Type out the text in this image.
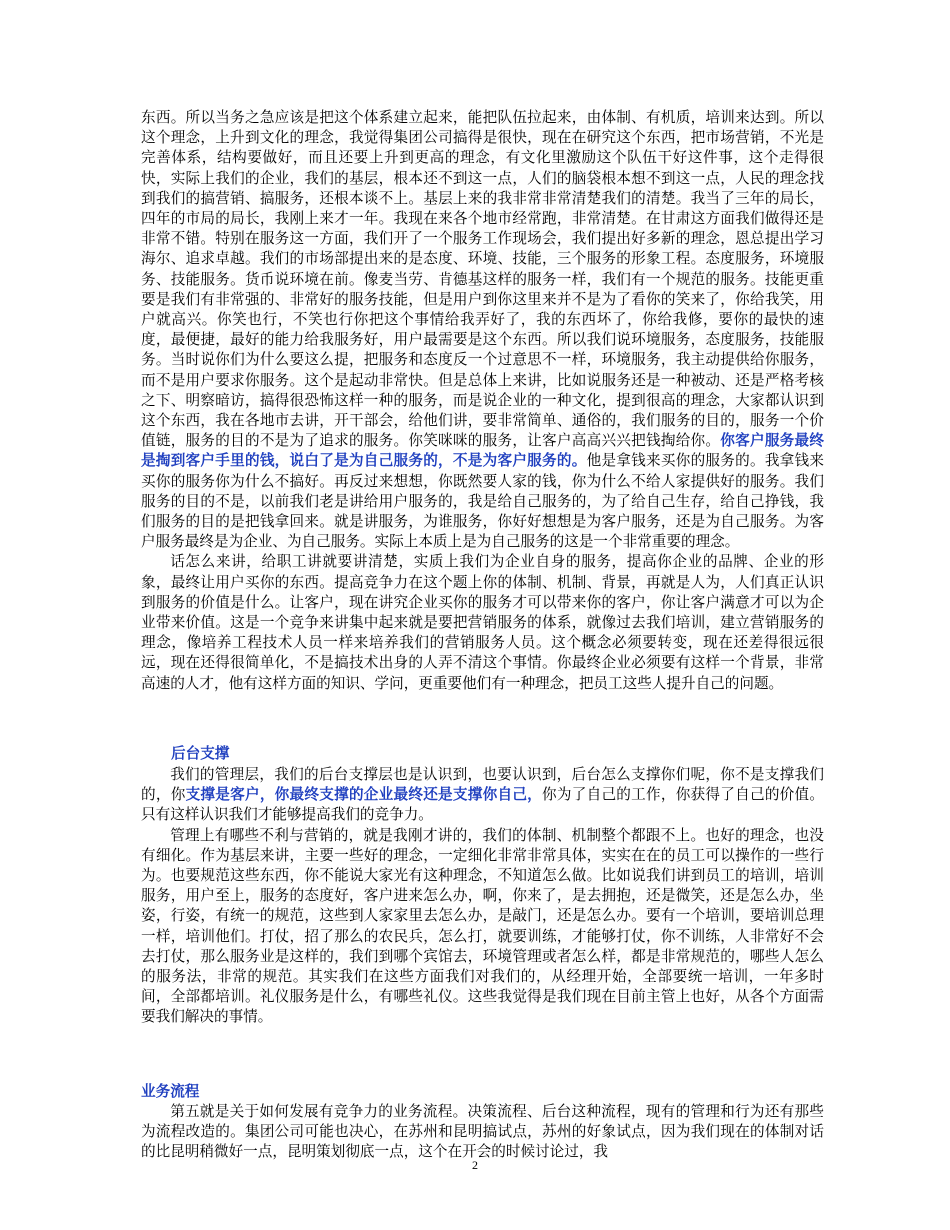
东西。所以当务之急应该是把这个体系建立起来，能把队伍拉起来，由体制、有机质，培训来达到。所以这个理念，上升到文化的理念，我觉得集团公司搞得是很快，现在在研究这个东西，把市场营销，不光是完善体系，结构要做好，而且还要上升到更高的理念，有文化里激励这个队伍干好这件事，这个走得很快，实际上我们的企业，我们的基层，根本还不到这一点，人们的脑袋根本想不到这一点，人民的理念找到我们的搞营销、搞服务，还根本谈不上。基层上来的我非常非常清楚我们的清楚。我当了三年的局长，四年的市局的局长，我刚上来才一年。我现在来各个地市经常跑，非常清楚。在甘肃这方面我们做得还是非常不错。特别在服务这一方面，我们开了一个服务工作现场会，我们提出好多新的理念，恩总提出学习海尔、追求卓越。我们的市场部提出来的是态度、环境、技能，三个服务的形象工程。态度服务，环境服务、技能服务。货币说环境在前。像麦当劳、肯德基这样的服务一样，我们有一个规范的服务。技能更重要是我们有非常强的、非常好的服务技能，但是用户到你这里来并不是为了看你的笑来了，你给我笑，用户就高兴。你笑也行，不笑也行你把这个事情给我弄好了，我的东西坏了，你给我修，要你的最快的速度，最便捷，最好的能力给我服务好，用户最需要是这个东西。所以我们说环境服务，态度服务，技能服务。当时说你们为什么要这么提，把服务和态度反一个过意思不一样，环境服务，我主动提供给你服务，而不是用户要求你服务。这个是起动非常快。但是总体上来讲，比如说服务还是一种被动、还是严格考核之下、明察暗访，搞得很恐怖这样一种的服务，而是说企业的一种文化，提到很高的理念，大家都认识到这个东西，我在各地市去讲，开干部会，给他们讲，要非常简单、通俗的，我们服务的目的，服务一个价值链，服务的目的不是为了追求的服务。你笑咪咪的服务，让客户高高兴兴把钱掏给你。你客户服务最终是掏到客户手里的钱，说白了是为自己服务的，不是为客户服务的。他是拿钱来买你的服务的。我拿钱来买你的服务你为什么不搞好。再反过来想想，你既然要人家的钱，你为什么不给人家提供好的服务。我们服务的目的不是，以前我们老是讲给用户服务的，我是给自己服务的，为了给自己生存，给自己挣钱，我们服务的目的是把钱拿回来。就是讲服务，为谁服务，你好好想想是为客户服务，还是为自己服务。为客户服务最终是为企业、为自己服务。实际上本质上是为自己服务的这是一个非常重要的理念。

话怎么来讲，给职工讲就要讲清楚，实质上我们为企业自身的服务，提高你企业的品牌、企业的形象，最终让用户买你的东西。提高竞争力在这个题上你的体制、机制、背景，再就是人为，人们真正认识到服务的价值是什么。让客户，现在讲究企业买你的服务才可以带来你的客户，你让客户满意才可以为企业带来价值。这是一个竞争来讲集中起来就是要把营销服务的体系，就像过去我们培训，建立营销服务的理念，像培养工程技术人员一样来培养我们的营销服务人员。这个概念必须要转变，现在还差得很远很远，现在还得很简单化，不是搞技术出身的人弄不清这个事情。你最终企业必须要有这样一个背景，非常高速的人才，他有这样方面的知识、学问，更重要他们有一种理念，把员工这些人提升自己的问题。

后台支撑

我们的管理层，我们的后台支撑层也是认识到，也要认识到，后台怎么支撑你们呢，你不是支撑我们的，你支撑是客户，你最终支撑的企业最终还是支撑你自己，你为了自己的工作，你获得了自己的价值。只有这样认识我们才能够提高我们的竞争力。

管理上有哪些不利与营销的，就是我刚才讲的，我们的体制、机制整个都跟不上。也好的理念，也没有细化。作为基层来讲，主要一些好的理念，一定细化非常非常具体，实实在在的员工可以操作的一些行为。也要规范这些东西，你不能说大家光有这种理念，不知道怎么做。比如说我们讲到员工的培训，培训服务，用户至上，服务的态度好，客户进来怎么办，啊，你来了，是去拥抱，还是微笑，还是怎么办，坐姿，行姿，有统一的规范，这些到人家家里去怎么办，是敲门，还是怎么办。要有一个培训，要培训总理一样，培训他们。打仗，招了那么的农民兵，怎么打，就要训练，才能够打仗，你不训练，人非常好不会去打仗，那么服务业是这样的，我们到哪个宾馆去，环境管理或者怎么样，都是非常规范的，哪些人怎么的服务法，非常的规范。其实我们在这些方面我们对我们的，从经理开始，全部要统一培训，一年多时间，全部都培训。礼仪服务是什么，有哪些礼仪。这些我觉得是我们现在目前主管上也好，从各个方面需要我们解决的事情。

业务流程

第五就是关于如何发展有竞争力的业务流程。决策流程、后台这种流程，现有的管理和行为还有那些为流程改造的。集团公司可能也决心，在苏州和昆明搞试点，苏州的好象试点，因为我们现在的体制对话的比昆明稍微好一点，昆明策划彻底一点，这个在开会的时候讨论过，我

2
